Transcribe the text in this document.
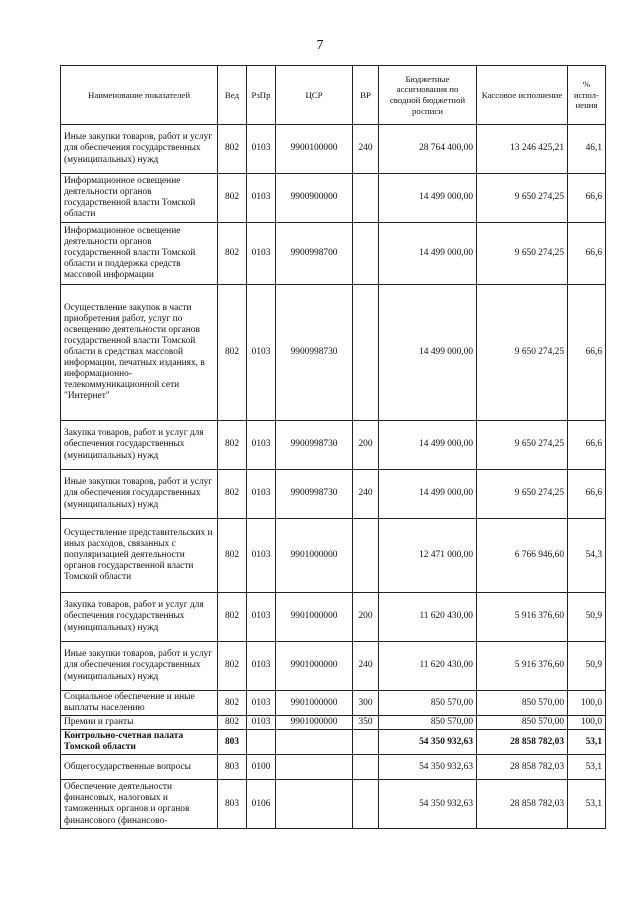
7
Наименование показателей	Вед	РзПр	ЦСР	ВР	Бюджетные ассигнования по сводной бюджетной росписи	Кассовое исполнение	% испол-нения
Иные закупки товаров, работ и услуг для обеспечения государственных (муниципальных) нужд	802	0103	9900100000	240	28 764 400,00	13 246 425,21	46,1
Информационное освещение деятельности органов государственной власти Томской области	802	0103	9900900000		14 499 000,00	9 650 274,25	66,6
Информационное освещение деятельности органов государственной власти Томской области и поддержка средств массовой информации	802	0103	9900998700		14 499 000,00	9 650 274,25	66,6
Осуществление закупок в части приобретения работ, услуг по освещению деятельности органов государственной власти Томской области в средствах массовой информации, печатных изданиях, в информационно-телекоммуникационной сети "Интернет"	802	0103	9900998730		14 499 000,00	9 650 274,25	66,6
Закупка товаров, работ и услуг для обеспечения государственных (муниципальных) нужд	802	0103	9900998730	200	14 499 000,00	9 650 274,25	66,6
Иные закупки товаров, работ и услуг для обеспечения государственных (муниципальных) нужд	802	0103	9900998730	240	14 499 000,00	9 650 274,25	66,6
Осуществление представительских и иных расходов, связанных с популяризацией деятельности органов государственной власти Томской области	802	0103	9901000000		12 471 000,00	6 766 946,60	54,3
Закупка товаров, работ и услуг для обеспечения государственных (муниципальных) нужд	802	0103	9901000000	200	11 620 430,00	5 916 376,60	50,9
Иные закупки товаров, работ и услуг для обеспечения государственных (муниципальных) нужд	802	0103	9901000000	240	11 620 430,00	5 916 376,60	50,9
Социальное обеспечение и иные выплаты населению	802	0103	9901000000	300	850 570,00	850 570,00	100,0
Премии и гранты	802	0103	9901000000	350	850 570,00	850 570,00	100,0
Контрольно-счетная палата Томской области	803				54 350 932,63	28 858 782,03	53,1
Общегосударственные вопросы	803	0100			54 350 932,63	28 858 782,03	53,1
Обеспечение деятельности финансовых, налоговых и таможенных органов и органов финансового (финансово-	803	0106			54 350 932,63	28 858 782,03	53,1
